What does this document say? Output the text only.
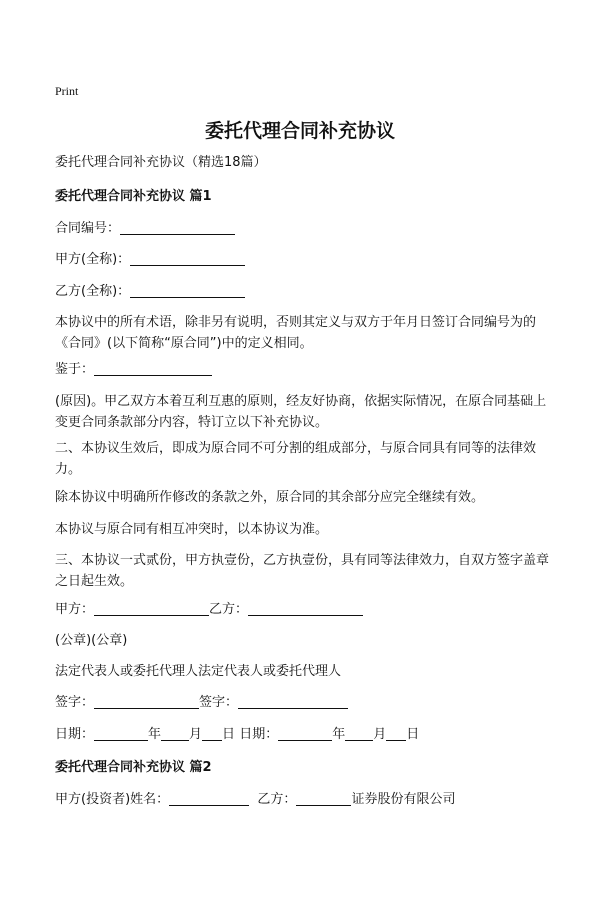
Print
委托代理合同补充协议
委托代理合同补充协议（精选18篇）
委托代理合同补充协议 篇1
合同编号：
甲方(全称)：
乙方(全称)：
本协议中的所有术语，除非另有说明，否则其定义与双方于年月日签订合同编号为的《合同》(以下简称“原合同”)中的定义相同。
鉴于：
(原因)。甲乙双方本着互利互惠的原则，经友好协商，依据实际情况，在原合同基础上变更合同条款部分内容，特订立以下补充协议。
二、本协议生效后，即成为原合同不可分割的组成部分，与原合同具有同等的法律效力。
除本协议中明确所作修改的条款之外，原合同的其余部分应完全继续有效。
本协议与原合同有相互冲突时，以本协议为准。
三、本协议一式贰份，甲方执壹份，乙方执壹份，具有同等法律效力，自双方签字盖章之日起生效。
甲方：	乙方：
(公章)(公章)
法定代表人或委托代理人法定代表人或委托代理人
签字：	签字：
日期：	年 月 日 日期：	年 月 日
委托代理合同补充协议 篇2
甲方(投资者)姓名：	乙方：	证券股份有限公司
